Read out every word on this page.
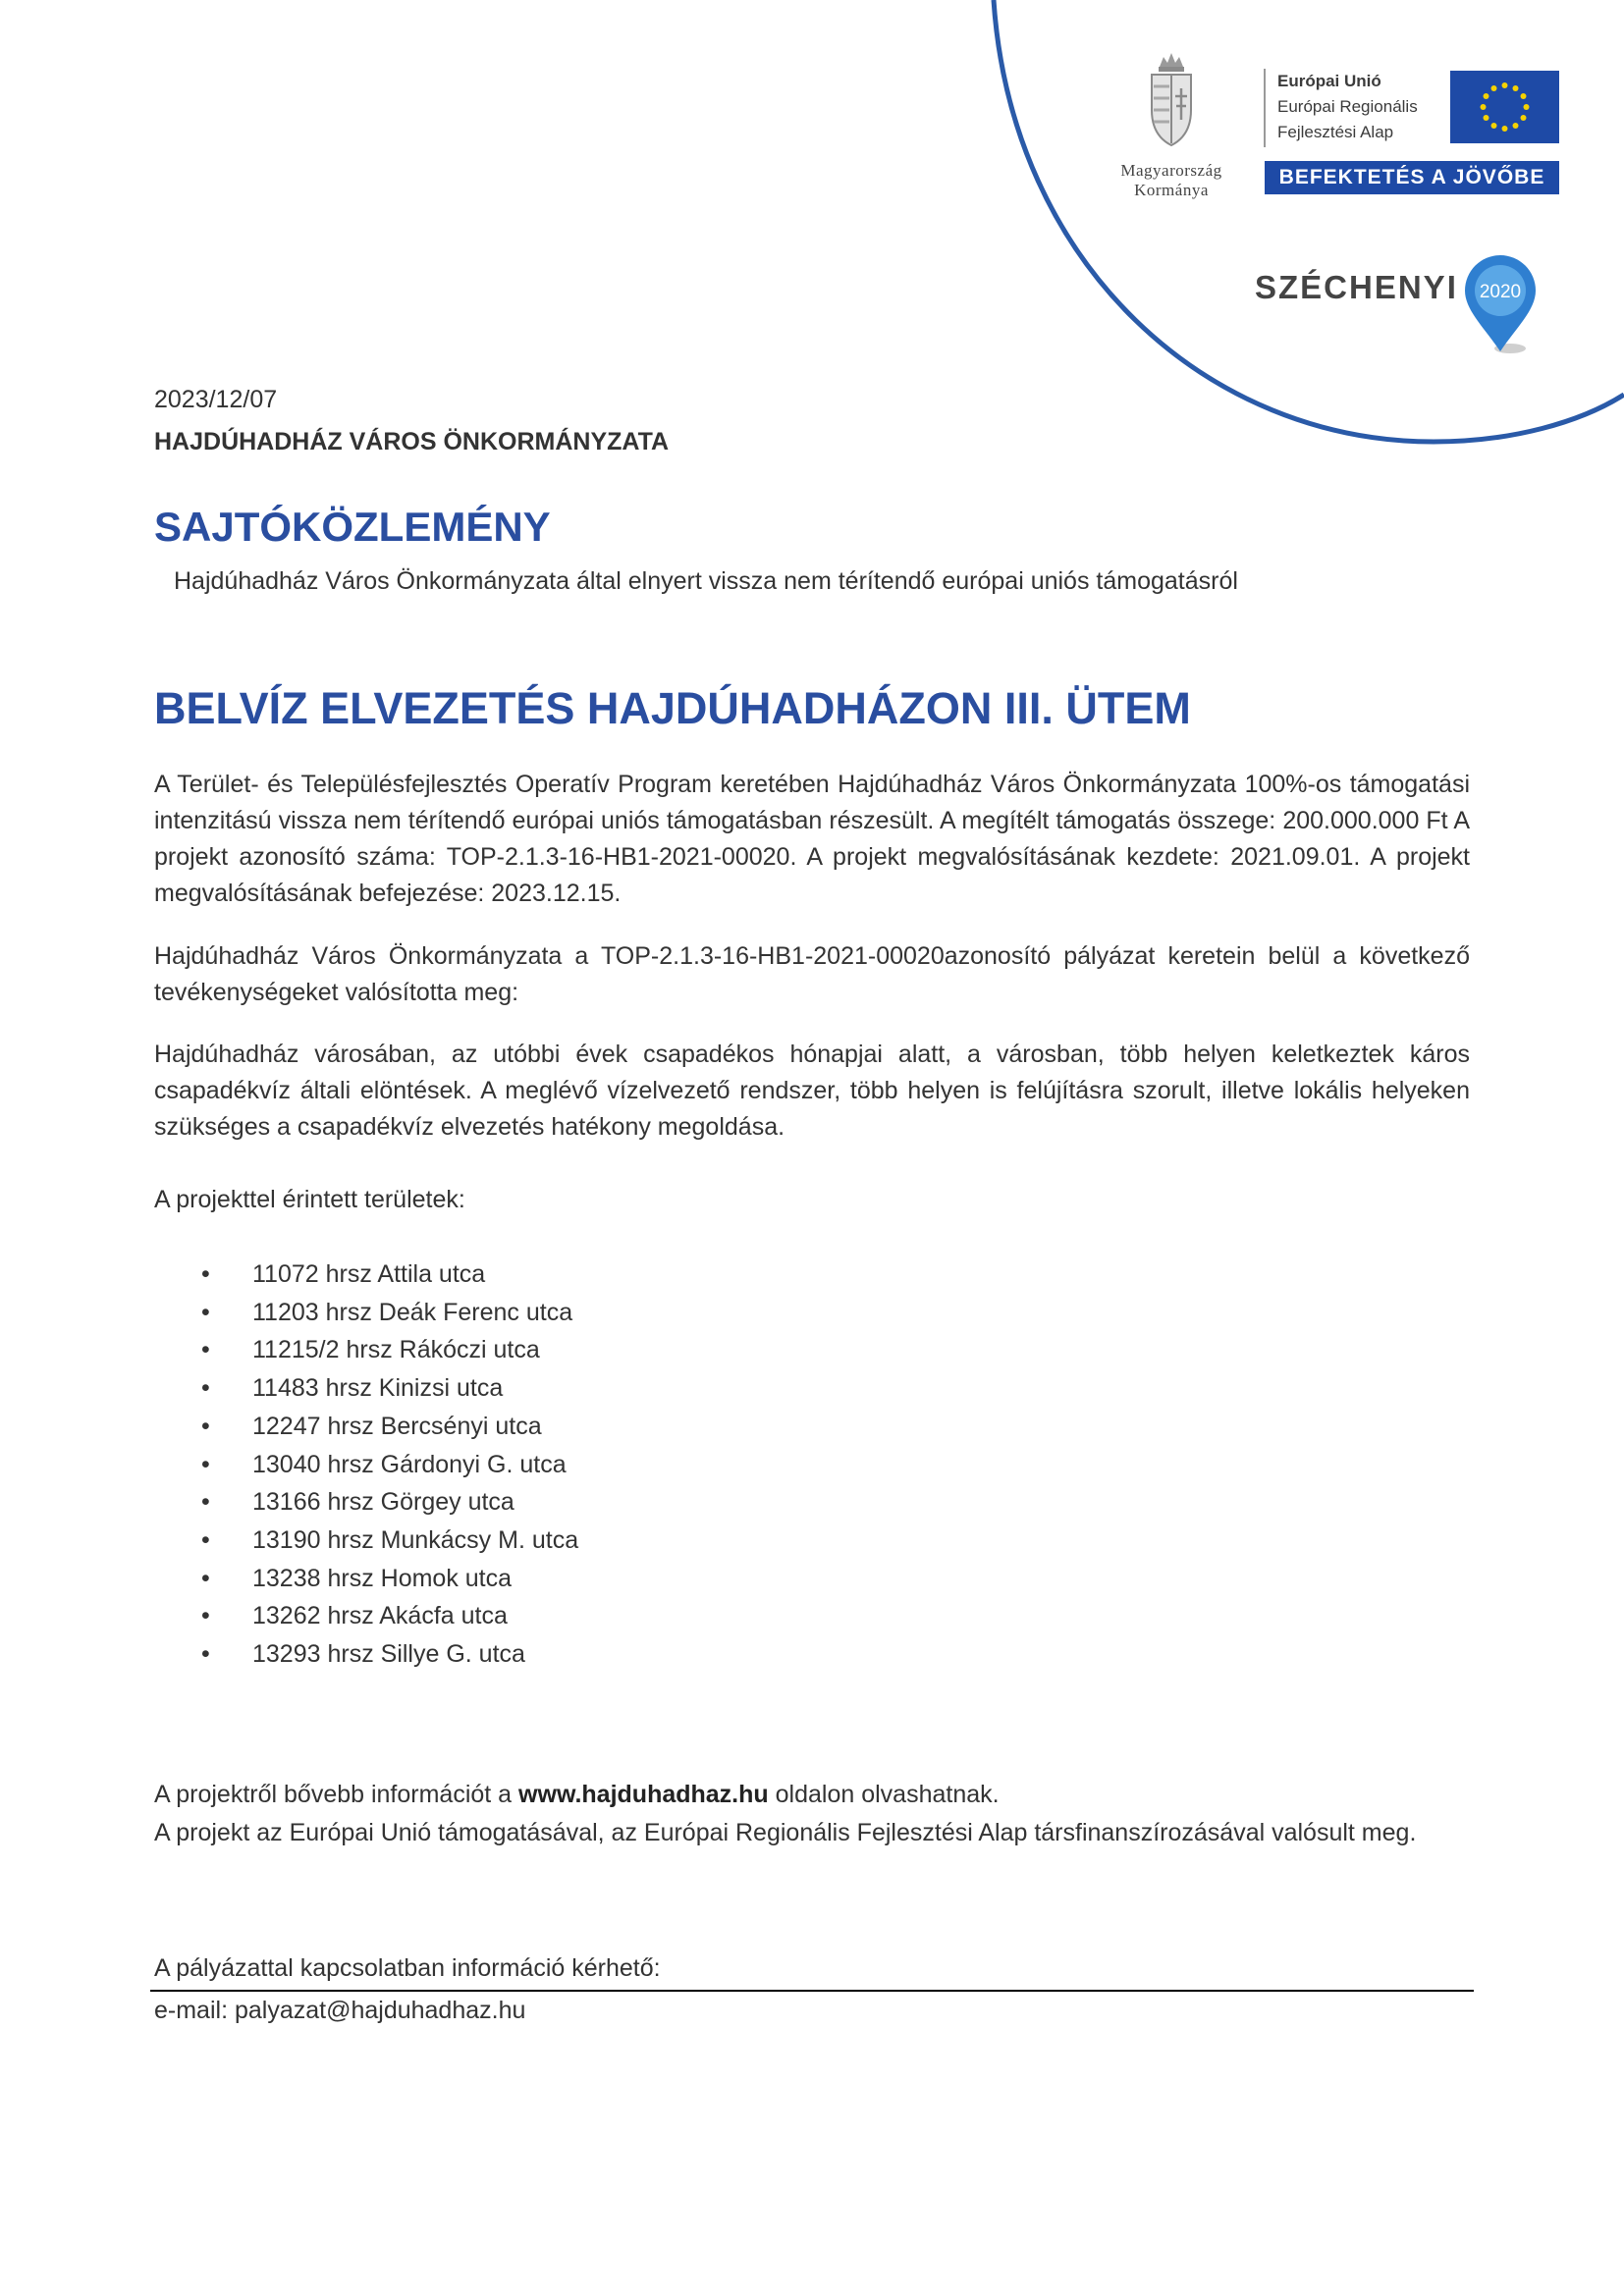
Magyarország
Kormánya
Európai Unió
Európai Regionális
Fejlesztési Alap
BEFEKTETÉS A JÖVŐBE
SZÉCHENYI 2020
2023/12/07
HAJDÚHADHÁZ VÁROS ÖNKORMÁNYZATA
SAJTÓKÖZLEMÉNY
Hajdúhadház Város Önkormányzata által elnyert vissza nem térítendő európai uniós támogatásról
BELVÍZ ELVEZETÉS HAJDÚHADHÁZON III. ÜTEM
A Terület- és Településfejlesztés Operatív Program keretében Hajdúhadház Város Önkormányzata 100%-os támogatási intenzitású vissza nem térítendő európai uniós támogatásban részesült. A megítélt támogatás összege: 200.000.000 Ft A projekt azonosító száma: TOP-2.1.3-16-HB1-2021-00020. A projekt megvalósításának kezdete: 2021.09.01. A projekt megvalósításának befejezése: 2023.12.15.
Hajdúhadház Város Önkormányzata a TOP-2.1.3-16-HB1-2021-00020azonosító pályázat keretein belül a következő tevékenységeket valósította meg:
Hajdúhadház városában, az utóbbi évek csapadékos hónapjai alatt, a városban, több helyen keletkeztek káros csapadékvíz általi elöntések. A meglévő vízelvezető rendszer, több helyen is felújításra szorult, illetve lokális helyeken szükséges a csapadékvíz elvezetés hatékony megoldása.
A projekttel érintett területek:
• 11072 hrsz Attila utca
• 11203 hrsz Deák Ferenc utca
• 11215/2 hrsz Rákóczi utca
• 11483 hrsz Kinizsi utca
• 12247 hrsz Bercsényi utca
• 13040 hrsz Gárdonyi G. utca
• 13166 hrsz Görgey utca
• 13190 hrsz Munkácsy M. utca
• 13238 hrsz Homok utca
• 13262 hrsz Akácfa utca
• 13293 hrsz Sillye G. utca
A projektről bővebb információt a www.hajduhadhaz.hu oldalon olvashatnak.
A projekt az Európai Unió támogatásával, az Európai Regionális Fejlesztési Alap társfinanszírozásával valósult meg.
A pályázattal kapcsolatban információ kérhető:
e-mail: palyazat@hajduhadhaz.hu
